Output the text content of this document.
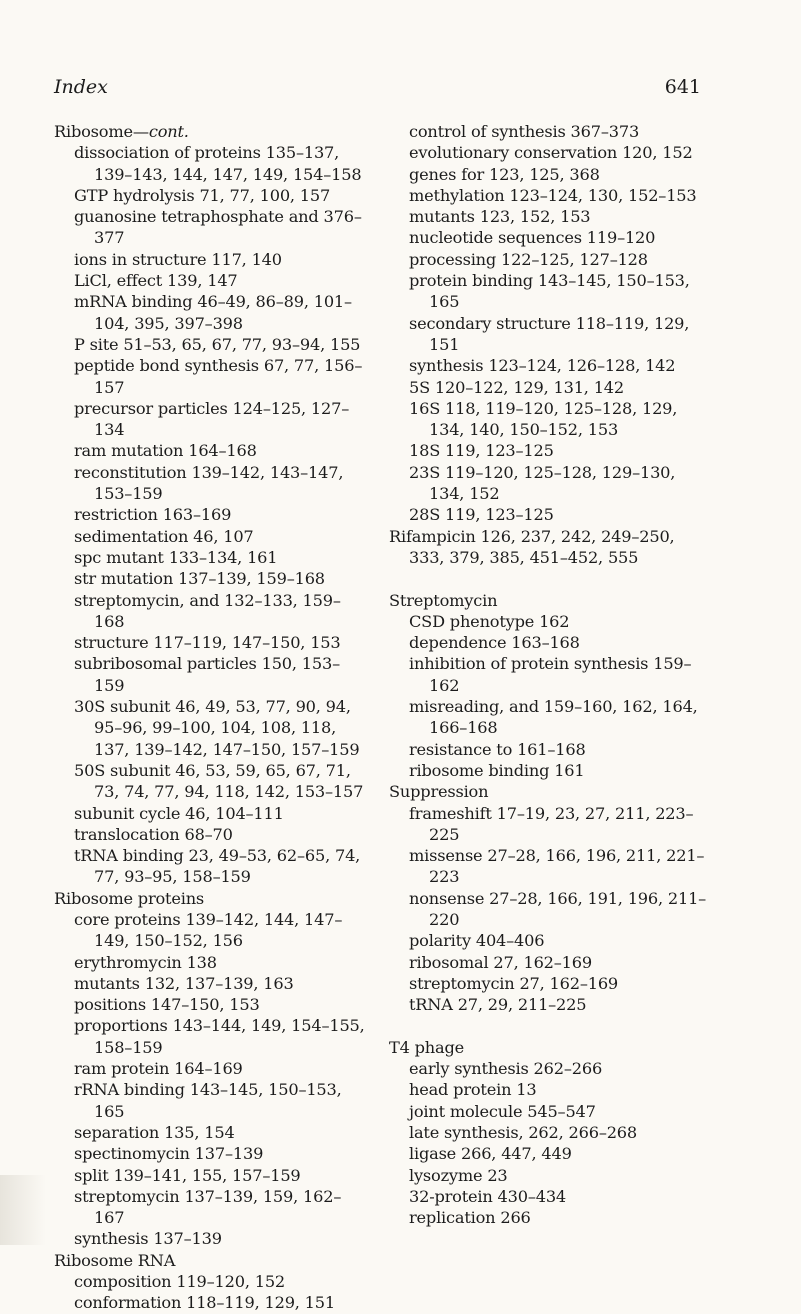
Index	641
Ribosome—cont.
dissociation of proteins 135–137, 139–143, 144, 147, 149, 154–158
GTP hydrolysis 71, 77, 100, 157
guanosine tetraphosphate and 376–377
ions in structure 117, 140
LiCl, effect 139, 147
mRNA binding 46–49, 86–89, 101–104, 395, 397–398
P site 51–53, 65, 67, 77, 93–94, 155
peptide bond synthesis 67, 77, 156–157
precursor particles 124–125, 127–134
ram mutation 164–168
reconstitution 139–142, 143–147, 153–159
restriction 163–169
sedimentation 46, 107
spc mutant 133–134, 161
str mutation 137–139, 159–168
streptomycin, and 132–133, 159–168
structure 117–119, 147–150, 153
subribosomal particles 150, 153–159
30S subunit 46, 49, 53, 77, 90, 94, 95–96, 99–100, 104, 108, 118, 137, 139–142, 147–150, 157–159
50S subunit 46, 53, 59, 65, 67, 71, 73, 74, 77, 94, 118, 142, 153–157
subunit cycle 46, 104–111
translocation 68–70
tRNA binding 23, 49–53, 62–65, 74, 77, 93–95, 158–159
Ribosome proteins
core proteins 139–142, 144, 147–149, 150–152, 156
erythromycin 138
mutants 132, 137–139, 163
positions 147–150, 153
proportions 143–144, 149, 154–155, 158–159
ram protein 164–169
rRNA binding 143–145, 150–153, 165
separation 135, 154
spectinomycin 137–139
split 139–141, 155, 157–159
streptomycin 137–139, 159, 162–167
synthesis 137–139
Ribosome RNA
composition 119–120, 152
conformation 118–119, 129, 151
control of synthesis 367–373
evolutionary conservation 120, 152
genes for 123, 125, 368
methylation 123–124, 130, 152–153
mutants 123, 152, 153
nucleotide sequences 119–120
processing 122–125, 127–128
protein binding 143–145, 150–153, 165
secondary structure 118–119, 129, 151
synthesis 123–124, 126–128, 142
5S 120–122, 129, 131, 142
16S 118, 119–120, 125–128, 129, 134, 140, 150–152, 153
18S 119, 123–125
23S 119–120, 125–128, 129–130, 134, 152
28S 119, 123–125
Rifampicin 126, 237, 242, 249–250, 333, 379, 385, 451–452, 555
Streptomycin
CSD phenotype 162
dependence 163–168
inhibition of protein synthesis 159–162
misreading, and 159–160, 162, 164, 166–168
resistance to 161–168
ribosome binding 161
Suppression
frameshift 17–19, 23, 27, 211, 223–225
missense 27–28, 166, 196, 211, 221–223
nonsense 27–28, 166, 191, 196, 211–220
polarity 404–406
ribosomal 27, 162–169
streptomycin 27, 162–169
tRNA 27, 29, 211–225
T4 phage
early synthesis 262–266
head protein 13
joint molecule 545–547
late synthesis, 262, 266–268
ligase 266, 447, 449
lysozyme 23
32-protein 430–434
replication 266
